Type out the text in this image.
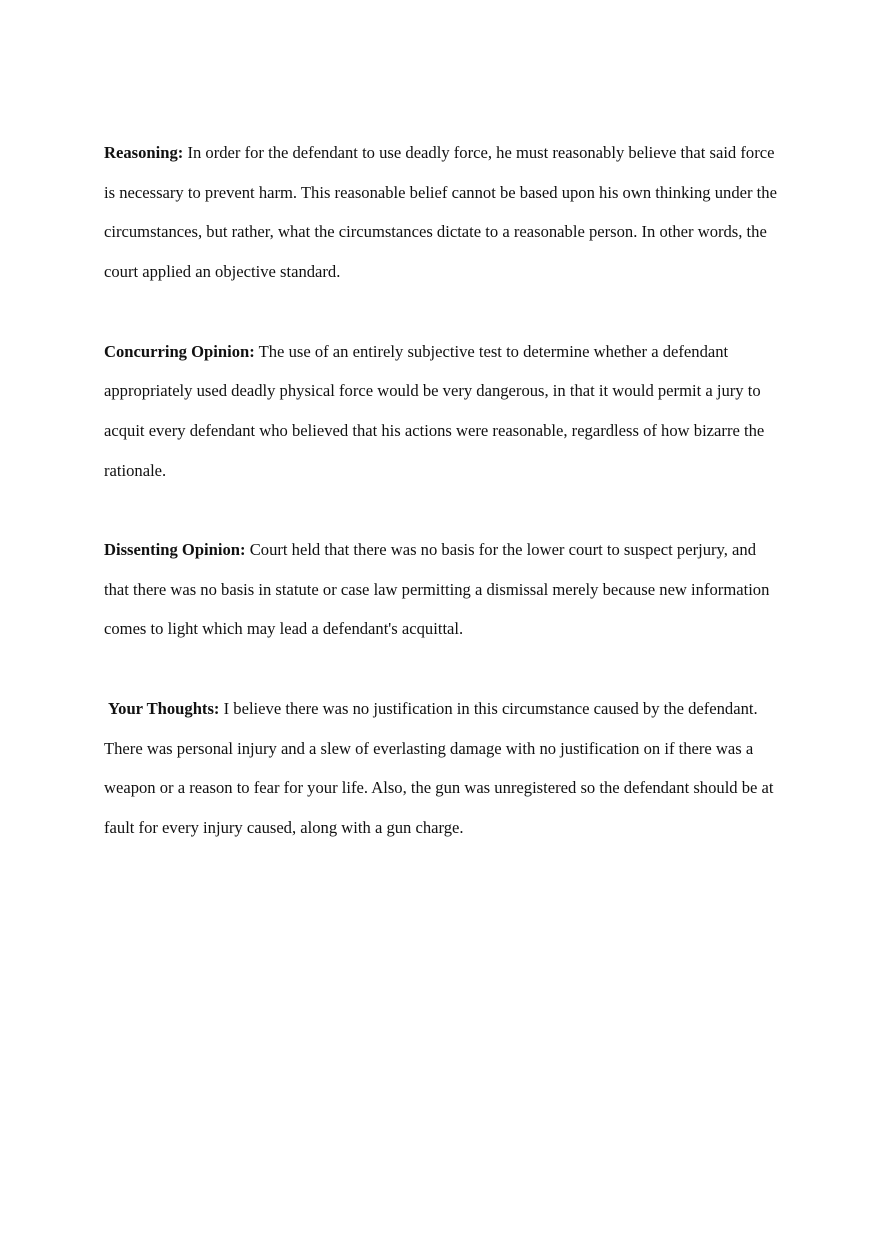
Reasoning: In order for the defendant to use deadly force, he must reasonably believe that said force is necessary to prevent harm. This reasonable belief cannot be based upon his own thinking under the circumstances, but rather, what the circumstances dictate to a reasonable person. In other words, the court applied an objective standard.

Concurring Opinion: The use of an entirely subjective test to determine whether a defendant appropriately used deadly physical force would be very dangerous, in that it would permit a jury to acquit every defendant who believed that his actions were reasonable, regardless of how bizarre the rationale.

Dissenting Opinion: Court held that there was no basis for the lower court to suspect perjury, and that there was no basis in statute or case law permitting a dismissal merely because new information comes to light which may lead a defendant's acquittal.

Your Thoughts: I believe there was no justification in this circumstance caused by the defendant. There was personal injury and a slew of everlasting damage with no justification on if there was a weapon or a reason to fear for your life. Also, the gun was unregistered so the defendant should be at fault for every injury caused, along with a gun charge.
